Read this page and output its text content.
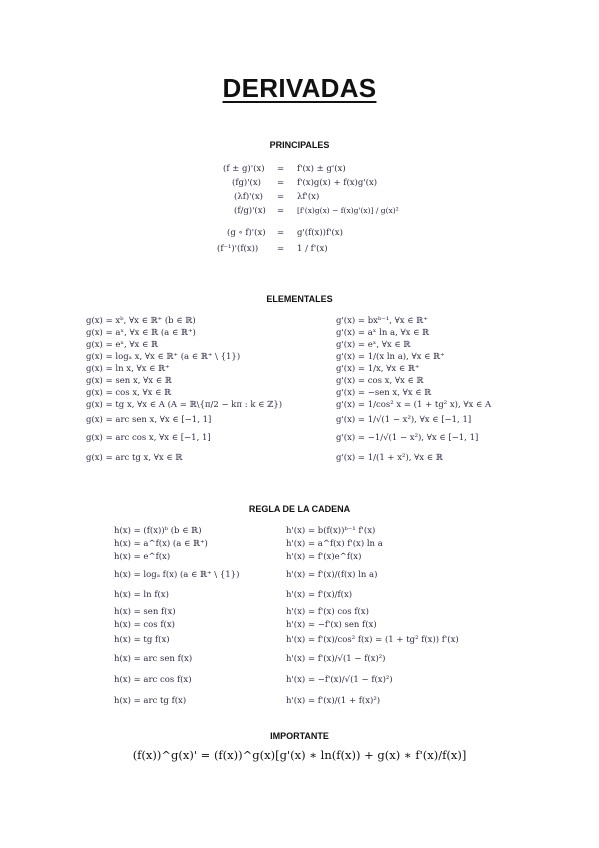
DERIVADAS
PRINCIPALES
(f ± g)'(x) = f'(x) ± g'(x)
(fg)'(x) = f'(x)g(x) + f(x)g'(x)
(λf)'(x) = λf'(x)
(f/g)'(x) = [f'(x)g(x) − f(x)g'(x)] / g(x)²
(g ∘ f)'(x) = g'(f(x))f'(x)
(f⁻¹)'(f(x)) = 1 / f'(x)
ELEMENTALES
g(x) = xᵇ, ∀x ∈ ℝ⁺ (b ∈ ℝ)	g'(x) = bxᵇ⁻¹, ∀x ∈ ℝ⁺
g(x) = aˣ, ∀x ∈ ℝ (a ∈ ℝ⁺)	g'(x) = aˣ ln a, ∀x ∈ ℝ
g(x) = eˣ, ∀x ∈ ℝ	g'(x) = eˣ, ∀x ∈ ℝ
g(x) = logₐ x, ∀x ∈ ℝ⁺ (a ∈ ℝ⁺ \ {1})	g'(x) = 1/(x ln a), ∀x ∈ ℝ⁺
g(x) = ln x, ∀x ∈ ℝ⁺	g'(x) = 1/x, ∀x ∈ ℝ⁺
g(x) = sen x, ∀x ∈ ℝ	g'(x) = cos x, ∀x ∈ ℝ
g(x) = cos x, ∀x ∈ ℝ	g'(x) = −sen x, ∀x ∈ ℝ
g(x) = tg x, ∀x ∈ A (A = ℝ\{π/2 − kπ : k ∈ ℤ})	g'(x) = 1/cos² x = (1 + tg² x), ∀x ∈ A
g(x) = arc sen x, ∀x ∈ [−1, 1]	g'(x) = 1/√(1 − x²), ∀x ∈ [−1, 1]
g(x) = arc cos x, ∀x ∈ [−1, 1]	g'(x) = −1/√(1 − x²), ∀x ∈ [−1, 1]
g(x) = arc tg x, ∀x ∈ ℝ	g'(x) = 1/(1 + x²), ∀x ∈ ℝ
REGLA DE LA CADENA
h(x) = (f(x))ᵇ (b ∈ ℝ)	h'(x) = b(f(x))ᵇ⁻¹ f'(x)
h(x) = a^f(x) (a ∈ ℝ⁺)	h'(x) = a^f(x) f'(x) ln a
h(x) = e^f(x)	h'(x) = f'(x)e^f(x)
h(x) = logₐ f(x) (a ∈ ℝ⁺ \ {1})	h'(x) = f'(x)/(f(x) ln a)
h(x) = ln f(x)	h'(x) = f'(x)/f(x)
h(x) = sen f(x)	h'(x) = f'(x) cos f(x)
h(x) = cos f(x)	h'(x) = −f'(x) sen f(x)
h(x) = tg f(x)	h'(x) = f'(x)/cos² f(x) = (1 + tg² f(x)) f'(x)
h(x) = arc sen f(x)	h'(x) = f'(x)/√(1 − f(x)²)
h(x) = arc cos f(x)	h'(x) = −f'(x)/√(1 − f(x)²)
h(x) = arc tg f(x)	h'(x) = f'(x)/(1 + f(x)²)
IMPORTANTE
(f(x))^g(x)' = (f(x))^g(x)[g'(x) ∗ ln(f(x)) + g(x) ∗ f'(x)/f(x)]
